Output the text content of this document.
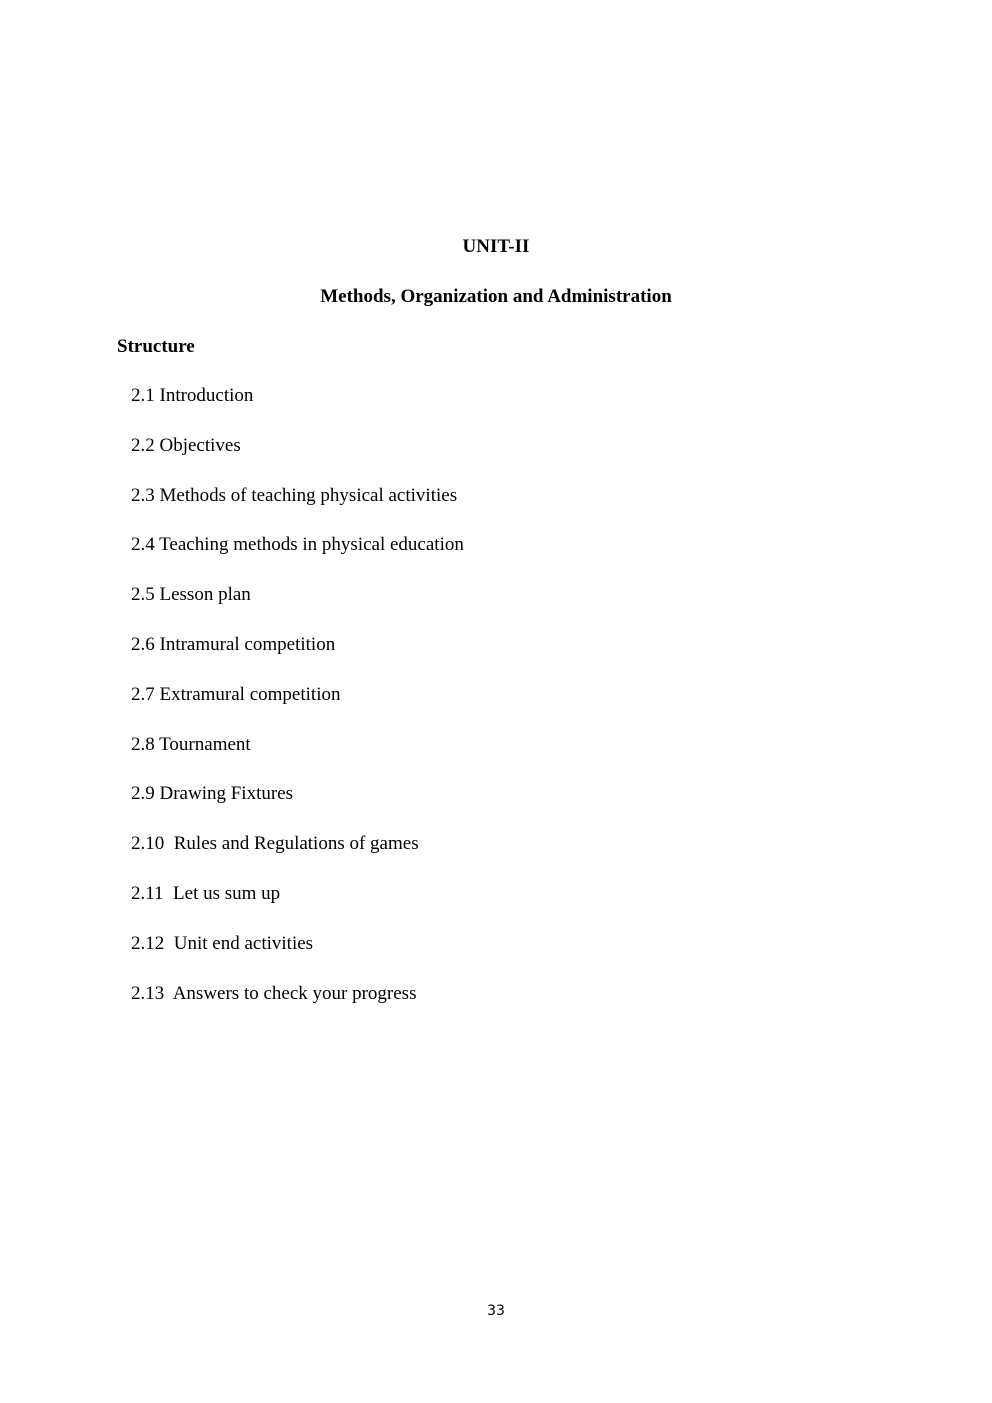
UNIT-II
Methods, Organization and Administration
Structure
2.1 Introduction
2.2 Objectives
2.3 Methods of teaching physical activities
2.4 Teaching methods in physical education
2.5 Lesson plan
2.6 Intramural competition
2.7 Extramural competition
2.8 Tournament
2.9 Drawing Fixtures
2.10  Rules and Regulations of games
2.11  Let us sum up
2.12  Unit end activities
2.13  Answers to check your progress
33
